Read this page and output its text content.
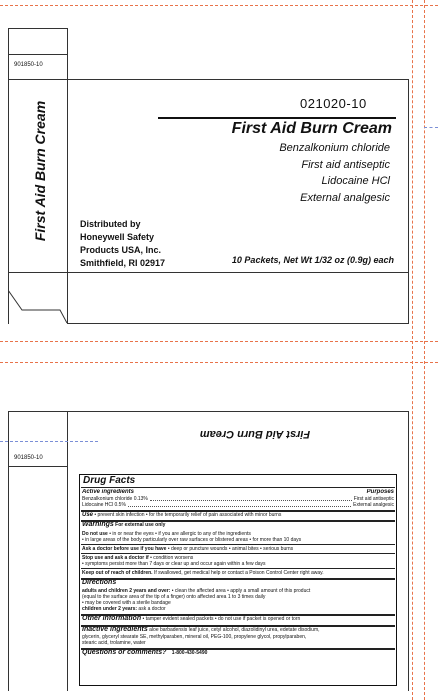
901850-10
First Aid Burn Cream	021020-10
First Aid Burn Cream
Benzalkonium chloride
First aid antiseptic
Lidocaine HCl
External analgesic
Distributed by
Honeywell Safety
Products USA, Inc.
Smithfield, RI 02917	10 Packets, Net Wt 1/32 oz (0.9g) each
901850-10
First Aid Burn Cream
Drug Facts
Active ingredients	Purposes
Benzalkonium chloride 0.13%	First aid antiseptic
Lidocaine HCl 0.5%	External analgesic
Use • prevent skin infection • for the temporarily relief of pain associated with minor burns
Warnings For external use only
Do not use • in or near the eyes • if you are allergic to any of the ingredients
• in large areas of the body particularly over raw surfaces or blistered areas • for more than 10 days
Ask a doctor before use if you have • deep or puncture wounds • animal bites • serious burns
Stop use and ask a doctor if • condition worsens
• symptoms persist more than 7 days or clear up and occur again within a few days
Keep out of reach of children. If swallowed, get medical help or contact a Poison Control Center right away.
Directions
adults and children 2 years and over: • clean the affected area • apply a small amount of this product
(equal to the surface area of the tip of a finger) onto affected area 1 to 3 times daily
• may be covered with a sterile bandage
children under 2 years: ask a doctor
Other information • tamper evident sealed packets • do not use if packet is opened or torn
Inactive ingredients aloe barbadensis leaf juice, cetyl alcohol, diazolidinyl urea, edetate disodium,
glycerin, glyceryl stearate SE, methylparaben, mineral oil, PEG-100, propylene glycol, propylparaben,
stearic acid, trolamine, water
Questions or comments? 1-800-430-5490
